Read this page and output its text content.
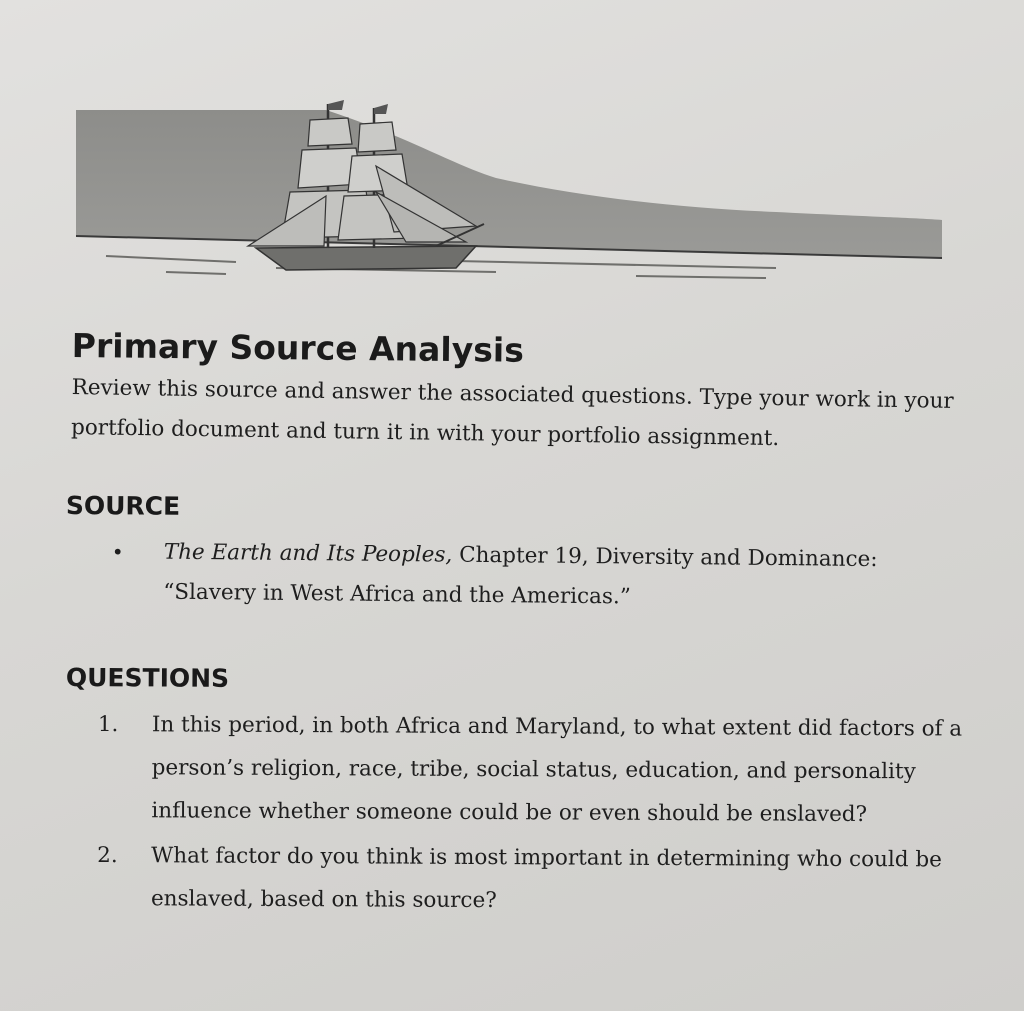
Primary Source Analysis

Review this source and answer the associated questions. Type your work in your portfolio document and turn it in with your portfolio assignment.

SOURCE
• The Earth and Its Peoples, Chapter 19, Diversity and Dominance: “Slavery in West Africa and the Americas.”
QUESTIONS
1. In this period, in both Africa and Maryland, to what extent did factors of a person’s religion, race, tribe, social status, education, and personality influence whether someone could be or even should be enslaved?
2. What factor do you think is most important in determining who could be enslaved, based on this source?
